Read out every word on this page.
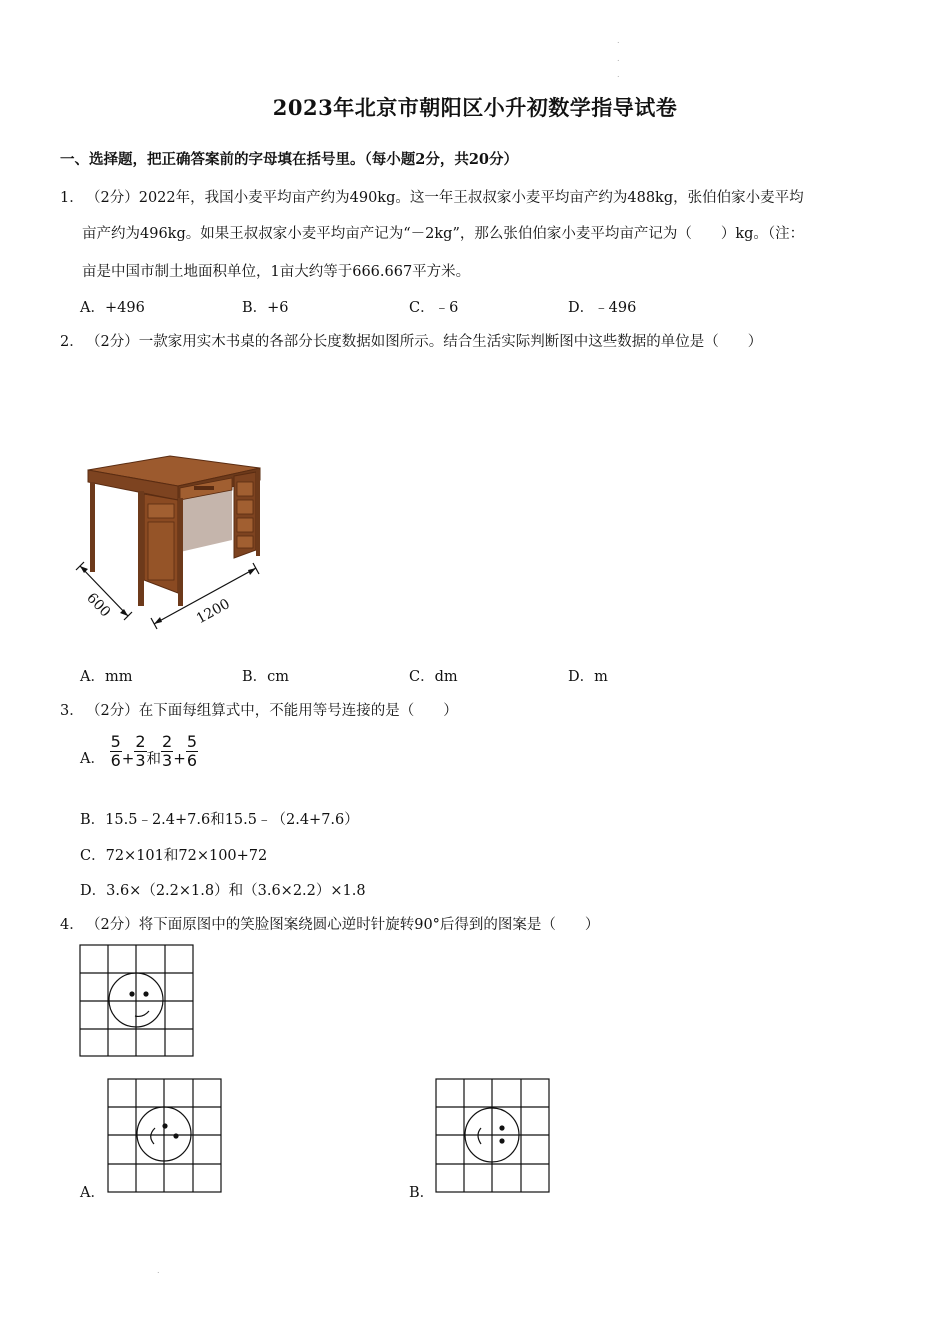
2023年北京市朝阳区小升初数学指导试卷
一、选择题，把正确答案前的字母填在括号里。（每小题2分，共20分）
1． （2分）2022年，我国小麦平均亩产约为490kg。这一年王叔叔家小麦平均亩产约为488kg，张伯伯家小麦平均
亩产约为496kg。如果王叔叔家小麦平均亩产记为“－2kg”，那么张伯伯家小麦平均亩产记为（　　）kg。（注：
亩是中国市制土地面积单位，1亩大约等于666.667平方米。
A．+496	B．+6	C．﹣6	D．﹣496
2． （2分）一款家用实木书桌的各部分长度数据如图所示。结合生活实际判断图中这些数据的单位是（　　）
600	1200
A．mm	B．cm	C．dm	D．m
3． （2分）在下面每组算式中，不能用等号连接的是（　　）
A． $\frac{5}{6} + \frac{2}{3}$ 和 $\frac{2}{3} + \frac{5}{6}$
B．15.5﹣2.4+7.6和15.5﹣（2.4+7.6）
C．72×101和72×100+72
D．3.6×（2.2×1.8）和（3.6×2.2）×1.8
4． （2分）将下面原图中的笑脸图案绕圆心逆时针旋转90°后得到的图案是（　　）
A．	B．
.
.
.
.
